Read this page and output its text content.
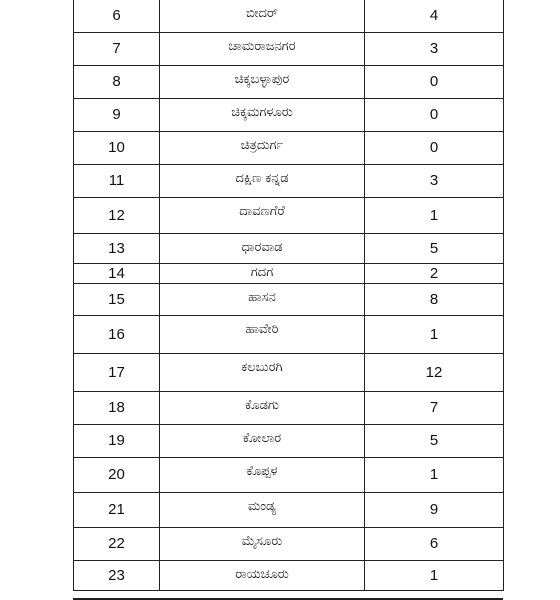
6	ಬೀದರ್	4
7	ಚಾಮರಾಜನಗರ	3
8	ಚಿಕ್ಕಬಳ್ಳಾಪುರ	0
9	ಚಿಕ್ಕಮಗಳೂರು	0
10	ಚಿತ್ರದುರ್ಗ	0
11	ದಕ್ಷಿಣ ಕನ್ನಡ	3
12	ದಾವಣಗೆರೆ	1
13	ಧಾರವಾಡ	5
14	ಗದಗ	2
15	ಹಾಸನ	8
16	ಹಾವೇರಿ	1
17	ಕಲಬುರಗಿ	12
18	ಕೊಡಗು	7
19	ಕೋಲಾರ	5
20	ಕೊಪ್ಪಳ	1
21	ಮಂಡ್ಯ	9
22	ಮೈಸೂರು	6
23	ರಾಯಚೂರು	1
